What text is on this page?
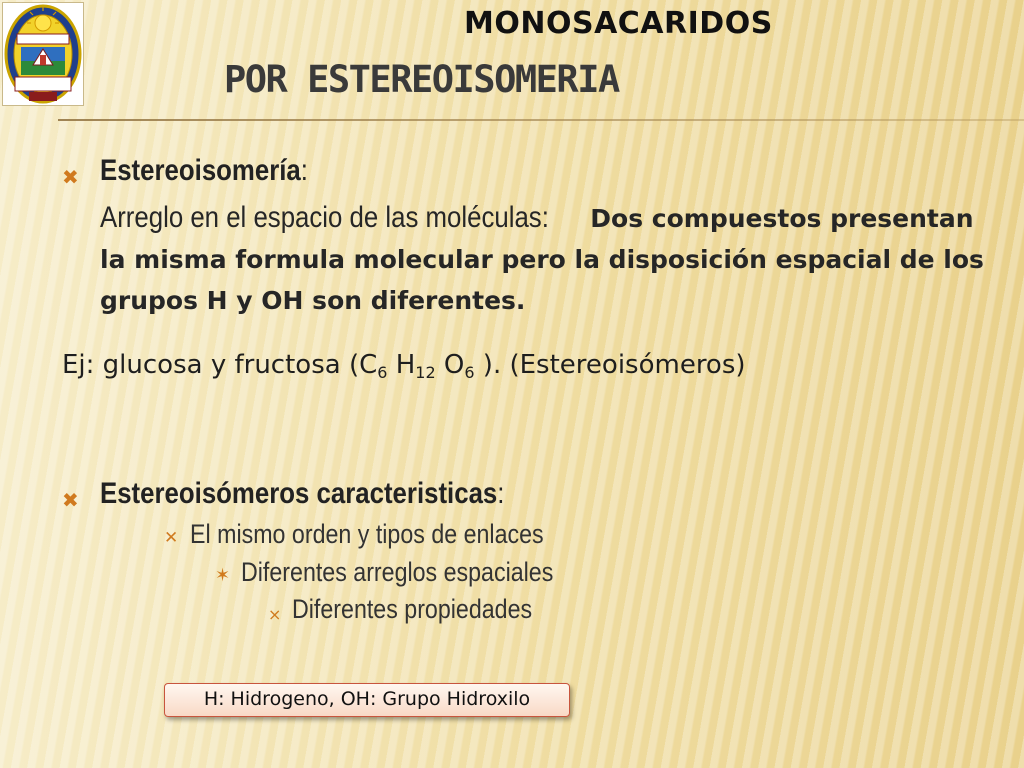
MONOSACARIDOS
POR ESTEREOISOMERIA
✖ Estereoisomería:
Arreglo en el espacio de las moléculas: Dos compuestos presentan la misma formula molecular pero la disposición espacial de los grupos H y OH son diferentes.
Ej: glucosa y fructosa ($C_6$ $H_{12}$ $O_6$ ). (Estereoisómeros)
✖ Estereoisómeros caracteristicas:
✕ El mismo orden y tipos de enlaces
✶ Diferentes arreglos espaciales
× Diferentes propiedades
H: Hidrogeno, OH: Grupo Hidroxilo
